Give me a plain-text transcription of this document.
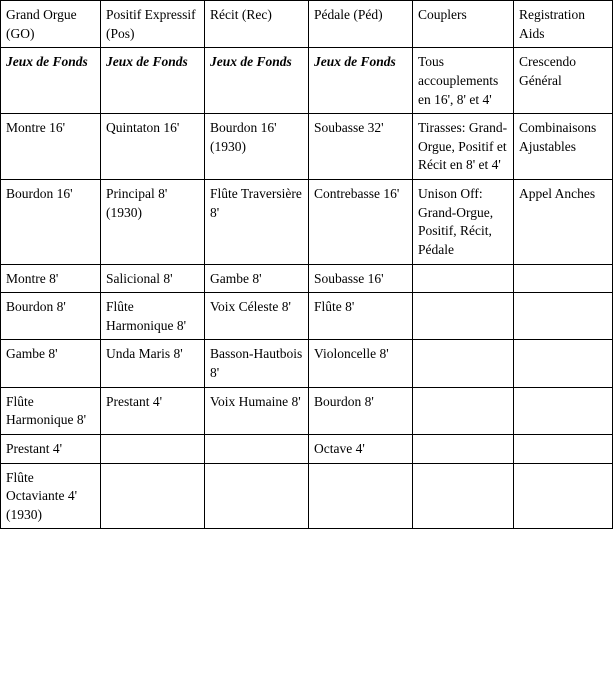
Grand Orgue (GO)	Positif Expressif (Pos)	Récit (Rec)	Pédale (Péd)	Couplers	Registration Aids
Jeux de Fonds	Jeux de Fonds	Jeux de Fonds	Jeux de Fonds	Tous accouplements en 16', 8' et 4'	Crescendo Général
Montre 16'	Quintaton 16'	Bourdon 16' (1930)	Soubasse 32'	Tirasses: Grand-Orgue, Positif et Récit en 8' et 4'	Combinaisons Ajustables
Bourdon 16'	Principal 8' (1930)	Flûte Traversière 8'	Contrebasse 16'	Unison Off: Grand-Orgue, Positif, Récit, Pédale	Appel Anches
Montre 8'	Salicional 8'	Gambe 8'	Soubasse 16'		
Bourdon 8'	Flûte Harmonique 8'	Voix Céleste 8'	Flûte 8'		
Gambe 8'	Unda Maris 8'	Basson-Hautbois 8'	Violoncelle 8'		
Flûte Harmonique 8'	Prestant 4'	Voix Humaine 8'	Bourdon 8'		
Prestant 4'			Octave 4'		
Flûte Octaviante 4' (1930)					
